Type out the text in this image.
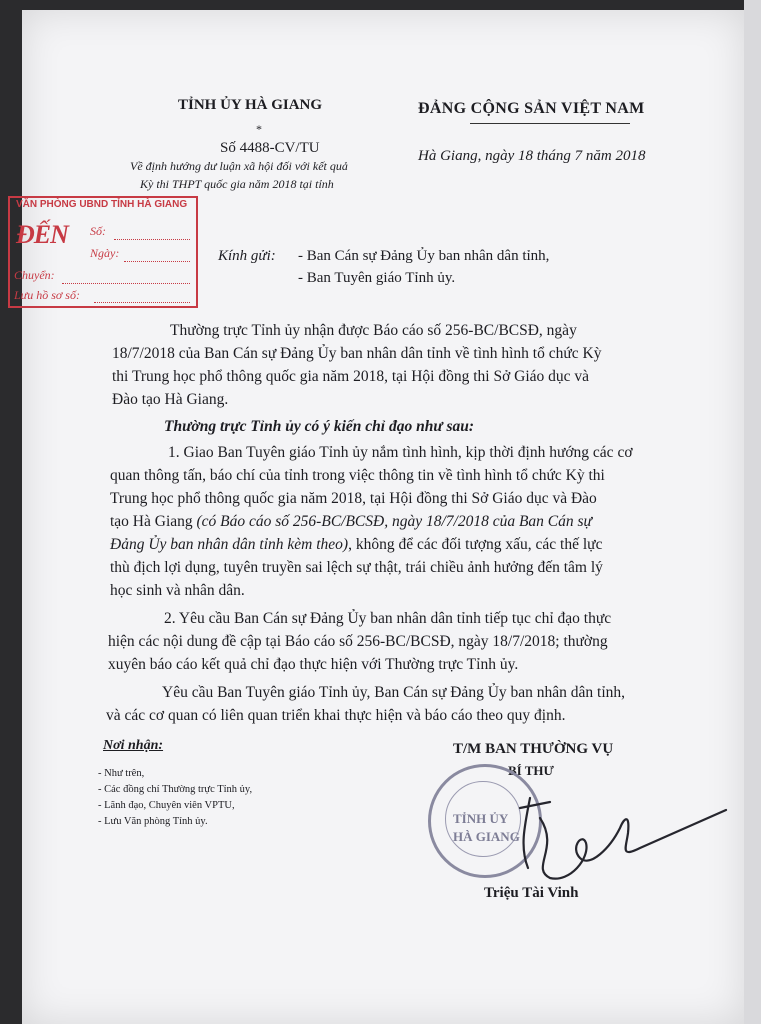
TỈNH ỦY HÀ GIANG
*
ĐẢNG CỘNG SẢN VIỆT NAM
Số 4488-CV/TU
Về định hướng dư luận xã hội đối với kết quả
Kỳ thi THPT quốc gia năm 2018 tại tỉnh
Hà Giang, ngày 18 tháng 7 năm 2018
VĂN PHÒNG UBND TỈNH HÀ GIANG
ĐẾN Số:
Ngày:
Chuyển:
Lưu hồ sơ số:
Kính gửi: - Ban Cán sự Đảng Ủy ban nhân dân tỉnh,
- Ban Tuyên giáo Tỉnh ủy.
Thường trực Tỉnh ủy nhận được Báo cáo số 256-BC/BCSĐ, ngày
18/7/2018 của Ban Cán sự Đảng Ủy ban nhân dân tỉnh về tình hình tổ chức Kỳ
thi Trung học phổ thông quốc gia năm 2018, tại Hội đồng thi Sở Giáo dục và
Đào tạo Hà Giang.
Thường trực Tỉnh ủy có ý kiến chỉ đạo như sau:
1. Giao Ban Tuyên giáo Tỉnh ủy nắm tình hình, kịp thời định hướng các cơ
quan thông tấn, báo chí của tỉnh trong việc thông tin về tình hình tổ chức Kỳ thi
Trung học phổ thông quốc gia năm 2018, tại Hội đồng thi Sở Giáo dục và Đào
tạo Hà Giang (có Báo cáo số 256-BC/BCSĐ, ngày 18/7/2018 của Ban Cán sự
Đảng Ủy ban nhân dân tỉnh kèm theo), không để các đối tượng xấu, các thế lực
thù địch lợi dụng, tuyên truyền sai lệch sự thật, trái chiều ảnh hưởng đến tâm lý
học sinh và nhân dân.
2. Yêu cầu Ban Cán sự Đảng Ủy ban nhân dân tỉnh tiếp tục chỉ đạo thực
hiện các nội dung đề cập tại Báo cáo số 256-BC/BCSĐ, ngày 18/7/2018; thường
xuyên báo cáo kết quả chỉ đạo thực hiện với Thường trực Tỉnh ủy.
Yêu cầu Ban Tuyên giáo Tỉnh ủy, Ban Cán sự Đảng Ủy ban nhân dân tỉnh,
và các cơ quan có liên quan triển khai thực hiện và báo cáo theo quy định.
Nơi nhận:
- Như trên,
- Các đồng chí Thường trực Tỉnh ủy,
- Lãnh đạo, Chuyên viên VPTU,
- Lưu Văn phòng Tỉnh ủy.
T/M BAN THƯỜNG VỤ
BÍ THƯ
TỈNH ỦY
HÀ GIANG
Triệu Tài Vinh
